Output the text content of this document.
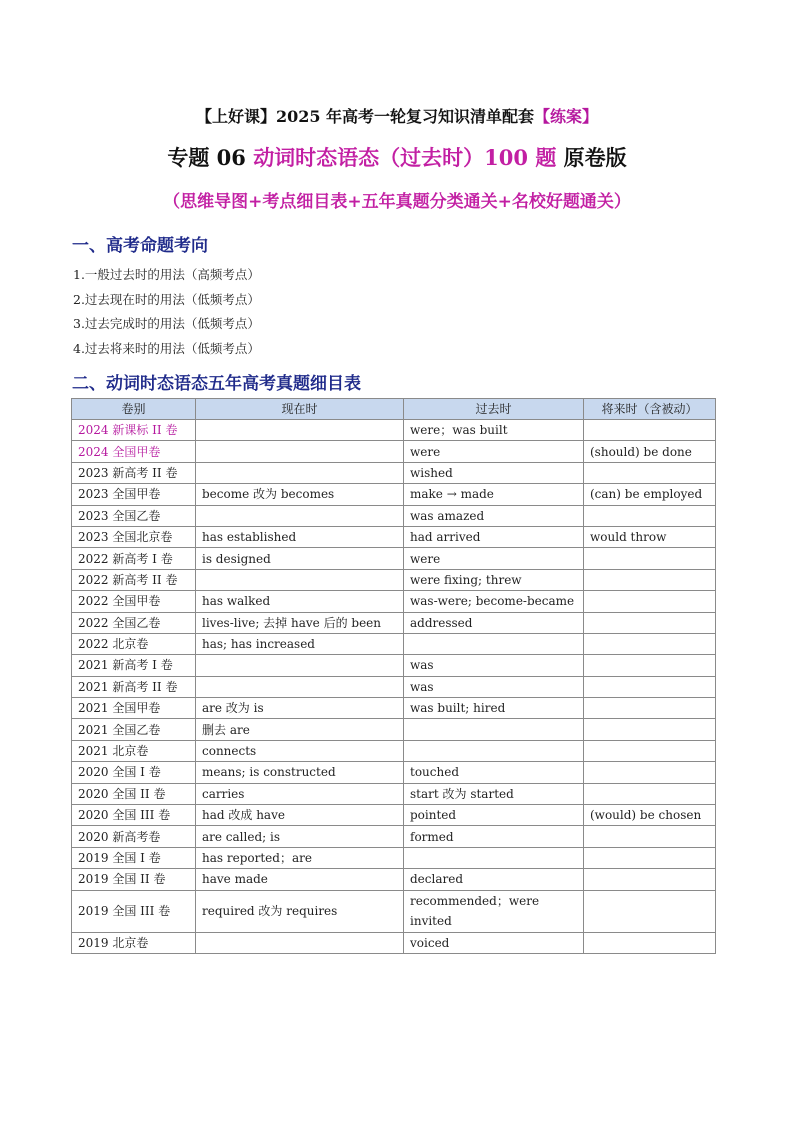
【上好课】2025 年高考一轮复习知识清单配套【练案】
专题 06 动词时态语态（过去时）100 题 原卷版
（思维导图+考点细目表+五年真题分类通关+名校好题通关）
一、高考命题考向
1.一般过去时的用法（高频考点）
2.过去现在时的用法（低频考点）
3.过去完成时的用法（低频考点）
4.过去将来时的用法（低频考点）
二、动词时态语态五年高考真题细目表
卷别	现在时	过去时	将来时（含被动）
2024 新课标 II 卷		were；was built	
2024 全国甲卷		were	(should) be done
2023 新高考 II 卷		wished	
2023 全国甲卷	become 改为 becomes	make → made	(can) be employed
2023 全国乙卷		was amazed	
2023 全国北京卷	has established	had arrived	would throw
2022 新高考 I 卷	is designed	were	
2022 新高考 II 卷		were fixing; threw	
2022 全国甲卷	has walked	was-were; become-became	
2022 全国乙卷	lives-live; 去掉 have 后的 been	addressed	
2022 北京卷	has; has increased		
2021 新高考 I 卷		was	
2021 新高考 II 卷		was	
2021 全国甲卷	are 改为 is	was built; hired	
2021 全国乙卷	删去 are		
2021 北京卷	connects		
2020 全国 I 卷	means; is constructed	touched	
2020 全国 II 卷	carries	start 改为 started	
2020 全国 III 卷	had 改成 have	pointed	(would) be chosen
2020 新高考卷	are called; is	formed	
2019 全国 I 卷	has reported；are		
2019 全国 II 卷	have made	declared	
2019 全国 III 卷	required 改为 requires	recommended；were invited	
2019 北京卷		voiced	
